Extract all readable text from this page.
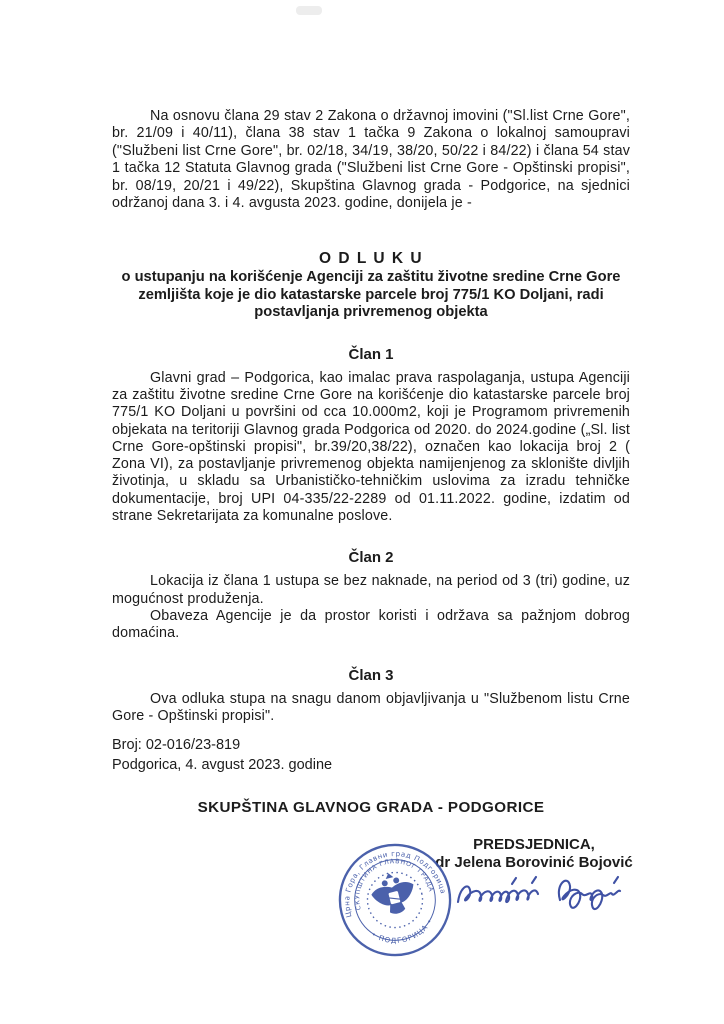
Na osnovu člana 29 stav 2 Zakona o državnoj imovini ("Sl.list Crne Gore", br. 21/09 i 40/11), člana 38 stav 1 tačka 9 Zakona o lokalnoj samoupravi ("Službeni list Crne Gore", br. 02/18, 34/19, 38/20, 50/22 i 84/22) i člana 54 stav 1 tačka 12 Statuta Glavnog grada ("Službeni list Crne Gore - Opštinski propisi", br. 08/19, 20/21 i 49/22), Skupština Glavnog grada - Podgorice, na sjednici održanoj dana 3. i 4. avgusta 2023. godine, donijela je -
O D L U K U
o ustupanju na korišćenje Agenciji za zaštitu životne sredine Crne Gore
zemljišta koje je dio katastarske parcele broj 775/1 KO Doljani, radi
postavljanja privremenog objekta
Član 1
Glavni grad – Podgorica, kao imalac prava raspolaganja, ustupa Agenciji za zaštitu životne sredine Crne Gore na korišćenje dio katastarske parcele broj 775/1 KO Doljani u površini od cca 10.000m2, koji je Programom privremenih objekata na teritoriji Glavnog grada Podgorica od 2020. do 2024.godine („Sl. list Crne Gore-opštinski propisi", br.39/20,38/22), označen kao lokacija broj 2 ( Zona VI), za postavljanje privremenog objekta namijenjenog za sklonište divljih životinja, u skladu sa Urbanističko-tehničkim uslovima za izradu tehničke dokumentacije, broj UPI 04-335/22-2289 od 01.11.2022. godine, izdatim od strane Sekretarijata za komunalne poslove.
Član 2
Lokacija iz člana 1 ustupa se bez naknade, na period od 3 (tri) godine, uz mogućnost produženja.
Obaveza Agencije je da prostor koristi i održava sa pažnjom dobrog domaćina.
Član 3
Ova odluka stupa na snagu danom objavljivanja u "Službenom listu Crne Gore - Opštinski propisi".
Broj: 02-016/23-819
Podgorica, 4. avgust 2023. godine
SKUPŠTINA GLAVNOG GRADA - PODGORICE
PREDSJEDNICA,
dr Jelena Borovinić Bojović
Црна Гора, Главни град Подгорица
• ПОДГОРИЦА •
СКУПШТИНА ГЛАВНОГ ГРАДА
